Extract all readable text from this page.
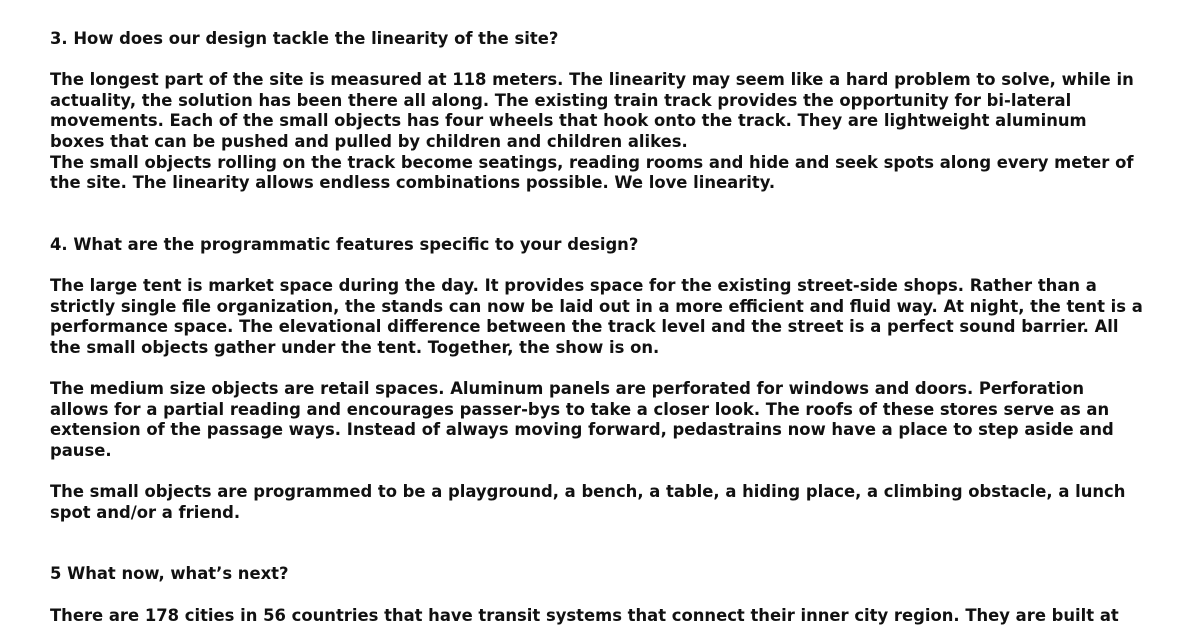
3. How does our design tackle the linearity of the site?

The longest part of the site is measured at 118 meters. The linearity may seem like a hard problem to solve, while in
actuality, the solution has been there all along. The existing train track provides the opportunity for bi-lateral
movements. Each of the small objects has four wheels that hook onto the track. They are lightweight aluminum
boxes that can be pushed and pulled by children and children alikes.
The small objects rolling on the track become seatings, reading rooms and hide and seek spots along every meter of
the site. The linearity allows endless combinations possible. We love linearity.

4. What are the programmatic features specific to your design?

The large tent is market space during the day. It provides space for the existing street-side shops. Rather than a
strictly single file organization, the stands can now be laid out in a more efficient and fluid way. At night, the tent is a
performance space. The elevational difference between the track level and the street is a perfect sound barrier. All
the small objects gather under the tent. Together, the show is on.

The medium size objects are retail spaces. Aluminum panels are perforated for windows and doors. Perforation
allows for a partial reading and encourages passer-bys to take a closer look. The roofs of these stores serve as an
extension of the passage ways. Instead of always moving forward, pedastrains now have a place to step aside and
pause.

The small objects are programmed to be a playground, a bench, a table, a hiding place, a climbing obstacle, a lunch
spot and/or a friend.

5 What now, what’s next?

There are 178 cities in 56 countries that have transit systems that connect their inner city region. They are built at
